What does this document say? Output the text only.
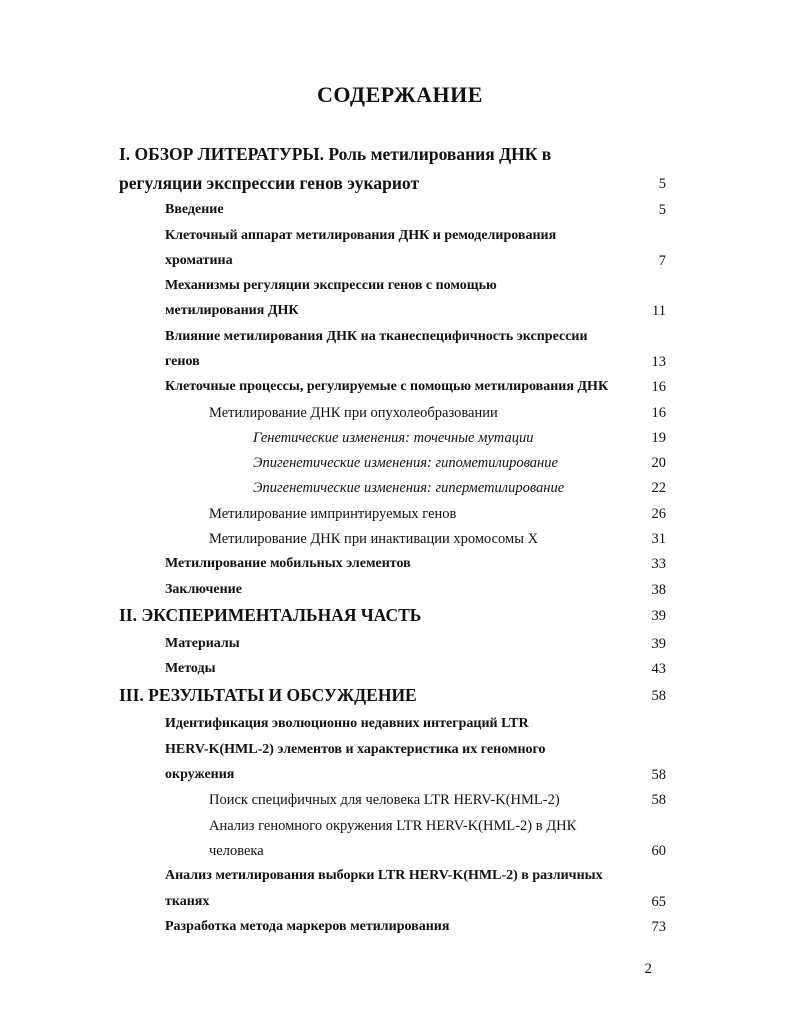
СОДЕРЖАНИЕ
I. ОБЗОР ЛИТЕРАТУРЫ. Роль метилирования ДНК в
регуляции экспрессии генов эукариот	5
Введение	5
Клеточный аппарат метилирования ДНК и ремоделирования
хроматина	7
Механизмы регуляции экспрессии генов с помощью
метилирования ДНК	11
Влияние метилирования ДНК на тканеспецифичность экспрессии
генов	13
Клеточные процессы, регулируемые с помощью метилирования ДНК	16
Метилирование ДНК при опухолеобразовании	16
Генетические изменения: точечные мутации	19
Эпигенетические изменения: гипометилирование	20
Эпигенетические изменения: гиперметилирование	22
Метилирование импринтируемых генов	26
Метилирование ДНК при инактивации хромосомы X	31
Метилирование мобильных элементов	33
Заключение	38
II. ЭКСПЕРИМЕНТАЛЬНАЯ ЧАСТЬ	39
Материалы	39
Методы	43
III. РЕЗУЛЬТАТЫ И ОБСУЖДЕНИЕ	58
Идентификация эволюционно недавних интеграций LTR
HERV-K(HML-2) элементов и характеристика их геномного
окружения	58
Поиск специфичных для человека LTR HERV-K(HML-2)	58
Анализ геномного окружения LTR HERV-K(HML-2) в ДНК
человека	60
Анализ метилирования выборки LTR HERV-K(HML-2) в различных
тканях	65
Разработка метода маркеров метилирования	73
2
